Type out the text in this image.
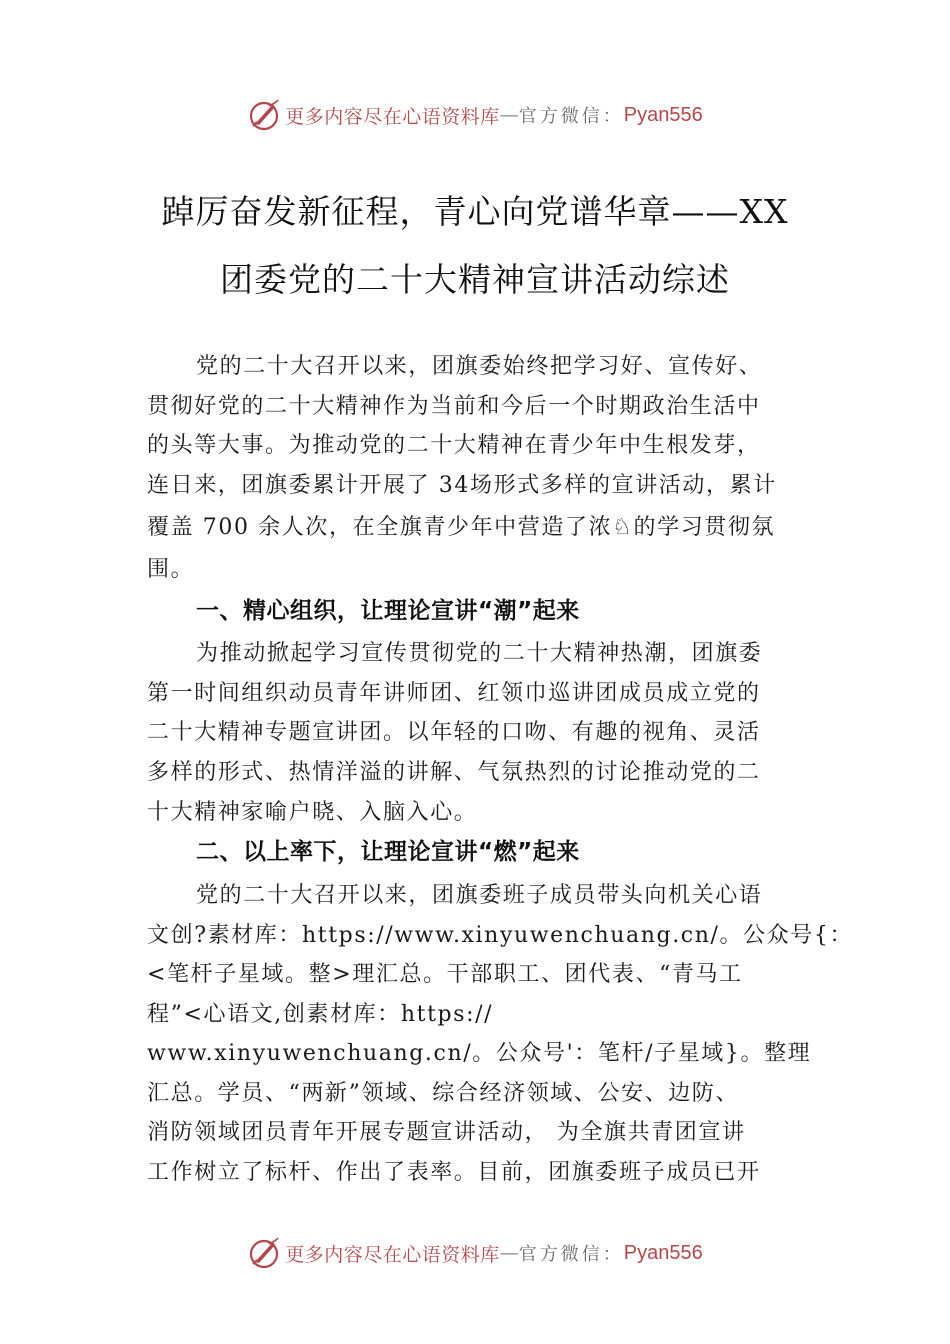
更多内容尽在心语资料库 — 官方微信： Pyan556
踔厉奋发新征程，青心向党谱华章——XX
团委党的二十大精神宣讲活动综述
党的二十大召开以来，团旗委始终把学习好、宣传好、
贯彻好党的二十大精神作为当前和今后一个时期政治生活中
的头等大事。为推动党的二十大精神在青少年中生根发芽，
连日来，团旗委累计开展了 34场形式多样的宣讲活动，累计
覆盖 700 余人次，在全旗青少年中营造了浓♘的学习贯彻氛
围。
一、精心组织，让理论宣讲“潮”起来
为推动掀起学习宣传贯彻党的二十大精神热潮，团旗委
第一时间组织动员青年讲师团、红领巾巡讲团成员成立党的
二十大精神专题宣讲团。以年轻的口吻、有趣的视角、灵活
多样的形式、热情洋溢的讲解、气氛热烈的讨论推动党的二
十大精神家喻户晓、入脑入心。
二、以上率下，让理论宣讲“燃”起来
党的二十大召开以来，团旗委班子成员带头向机关心语
文创?素材库：https://www.xinyuwenchuang.cn/。公众号{：
<笔杆子星域。整>理汇总。干部职工、团代表、“青马工
程”<心语文,创素材库：https://
www.xinyuwenchuang.cn/。公众号'：笔杆/子星域}。整理
汇总。学员、“两新”领域、综合经济领域、公安、边防、
消防领域团员青年开展专题宣讲活动， 为全旗共青团宣讲
工作树立了标杆、作出了表率。目前，团旗委班子成员已开
更多内容尽在心语资料库 — 官方微信： Pyan556
